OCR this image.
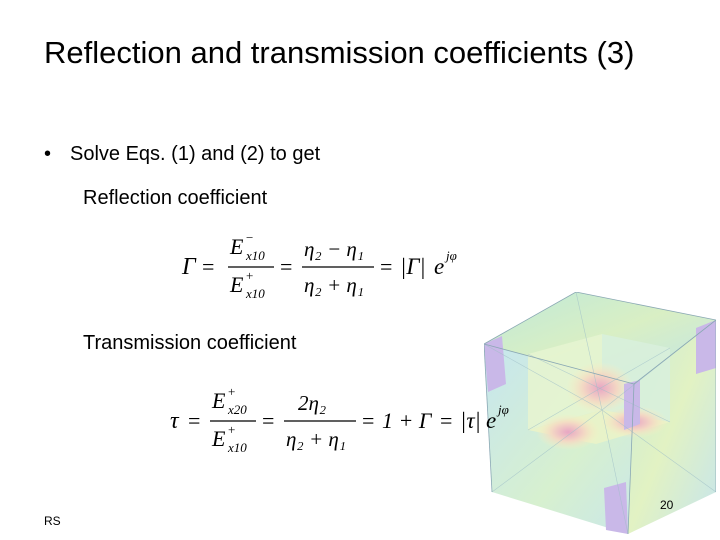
Reflection and transmission coefficients (3)
• Solve Eqs. (1) and (2) to get
Reflection coefficient
Γ =
E −
x10
E +
x10
=
η₂ − η₁
η₂ + η₁
= |Γ| e jφ
Transmission coefficient
τ =
E +
x20
E +
x10
=
2η₂
η₂ + η₁
= 1 + Γ = |τ| e jφ
20
RS
